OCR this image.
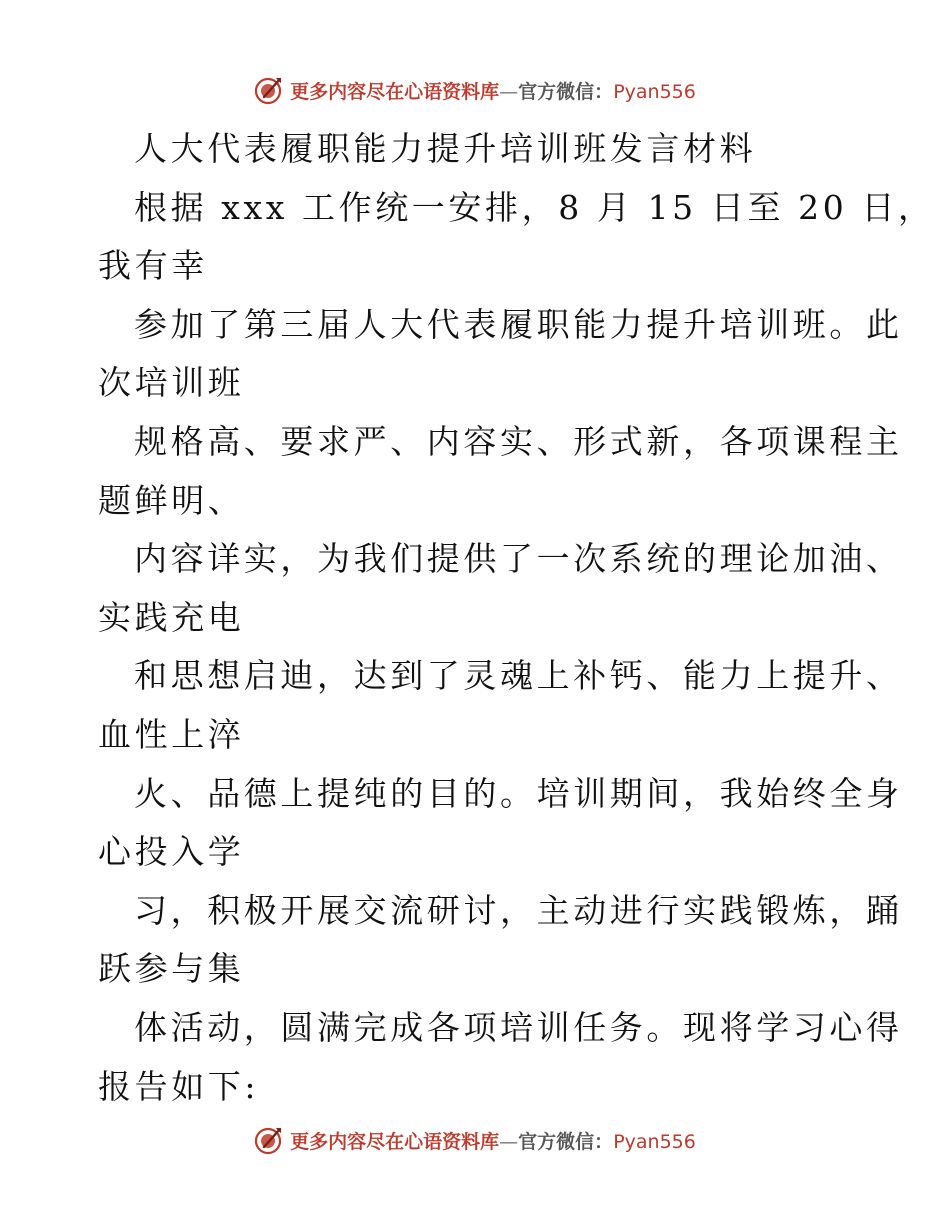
更多内容尽在心语资料库—官方微信：Pyan556
人大代表履职能力提升培训班发言材料
根据 xxx 工作统一安排，8 月 15 日至 20 日，
我有幸
参加了第三届人大代表履职能力提升培训班。此
次培训班
规格高、要求严、内容实、形式新，各项课程主
题鲜明、
内容详实，为我们提供了一次系统的理论加油、
实践充电
和思想启迪，达到了灵魂上补钙、能力上提升、
血性上淬
火、品德上提纯的目的。培训期间，我始终全身
心投入学
习，积极开展交流研讨，主动进行实践锻炼，踊
跃参与集
体活动，圆满完成各项培训任务。现将学习心得
报告如下:
更多内容尽在心语资料库—官方微信：Pyan556
